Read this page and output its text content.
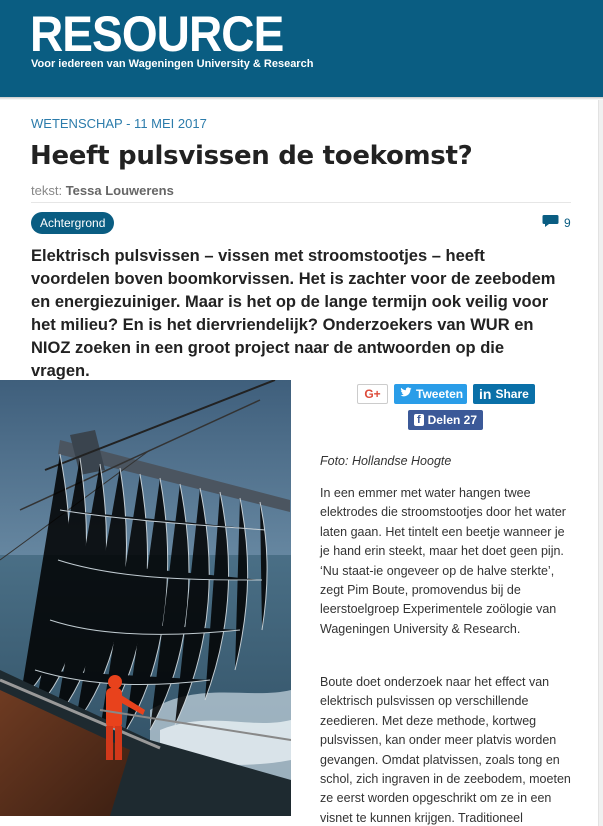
RESOURCE
Voor iedereen van Wageningen University & Research
WETENSCHAP - 11 MEI 2017
Heeft pulsvissen de toekomst?
tekst: Tessa Louwerens
Achtergrond	9

Elektrisch pulsvissen – vissen met stroomstootjes – heeft voordelen boven boomkorvissen. Het is zachter voor de zeebodem en energiezuiniger. Maar is het op de lange termijn ook veilig voor het milieu? En is het diervriendelijk? Onderzoekers van WUR en NIOZ zoeken in een groot project naar de antwoorden op die vragen.

G+	Tweeten in Share
f Delen 27
Foto: Hollandse Hoogte

In een emmer met water hangen twee elektrodes die stroomstootjes door het water laten gaan. Het tintelt een beetje wanneer je je hand erin steekt, maar het doet geen pijn. ‘Nu staat-ie ongeveer op de halve sterkte’, zegt Pim Boute, promovendus bij de leerstoelgroep Experimentele zoölogie van Wageningen University & Research.

Boute doet onderzoek naar het effect van elektrisch pulsvissen op verschillende zeedieren. Met deze methode, kortweg pulsvissen, kan onder meer platvis worden gevangen. Omdat platvissen, zoals tong en schol, zich ingraven in de zeebodem, moeten ze eerst worden opgeschrikt om ze in een visnet te kunnen krijgen. Traditioneel
